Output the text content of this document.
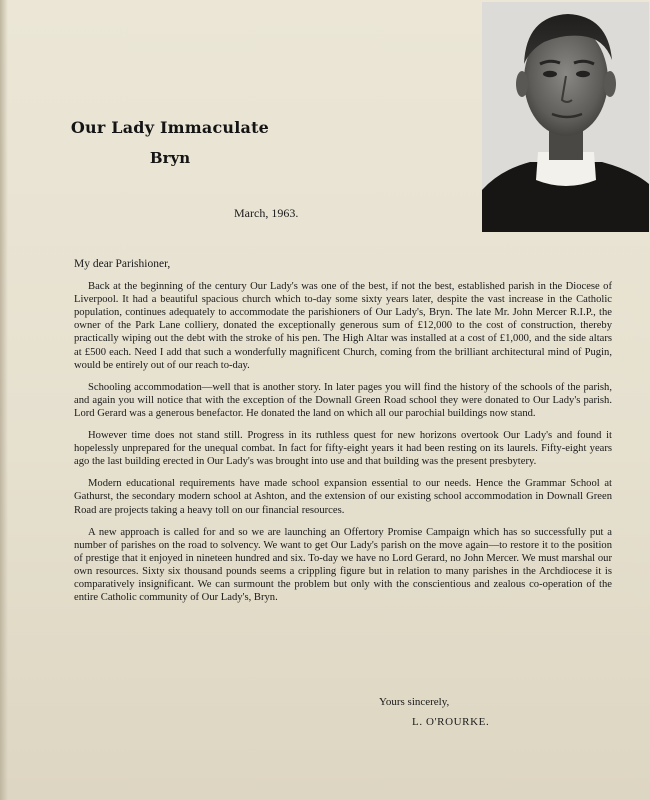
Our Lady Immaculate
Bryn
March, 1963.

My dear Parishioner,

Back at the beginning of the century Our Lady's was one of the best, if not the best, established parish in the Diocese of Liverpool. It had a beautiful spacious church which to-day some sixty years later, despite the vast increase in the Catholic population, continues adequately to accommodate the parishioners of Our Lady's, Bryn. The late Mr. John Mercer R.I.P., the owner of the Park Lane colliery, donated the exceptionally generous sum of £12,000 to the cost of construction, thereby practically wiping out the debt with the stroke of his pen. The High Altar was installed at a cost of £1,000, and the side altars at £500 each. Need I add that such a wonderfully magnificent Church, coming from the brilliant architectural mind of Pugin, would be entirely out of our reach to-day.

Schooling accommodation—well that is another story. In later pages you will find the history of the schools of the parish, and again you will notice that with the exception of the Downall Green Road school they were donated to Our Lady's parish. Lord Gerard was a generous benefactor. He donated the land on which all our parochial buildings now stand.

However time does not stand still. Progress in its ruthless quest for new horizons overtook Our Lady's and found it hopelessly unprepared for the unequal combat. In fact for fifty-eight years it had been resting on its laurels. Fifty-eight years ago the last building erected in Our Lady's was brought into use and that building was the present presbytery.

Modern educational requirements have made school expansion essential to our needs. Hence the Grammar School at Gathurst, the secondary modern school at Ashton, and the extension of our existing school accommodation in Downall Green Road are projects taking a heavy toll on our financial resources.

A new approach is called for and so we are launching an Offertory Promise Campaign which has so successfully put a number of parishes on the road to solvency. We want to get Our Lady's parish on the move again—to restore it to the position of prestige that it enjoyed in nineteen hundred and six. To-day we have no Lord Gerard, no John Mercer. We must marshal our own resources. Sixty six thousand pounds seems a crippling figure but in relation to many parishes in the Archdiocese it is comparatively insignificant. We can surmount the problem but only with the conscientious and zealous co-operation of the entire Catholic community of Our Lady's, Bryn.

Yours sincerely,
L. O'ROURKE.
